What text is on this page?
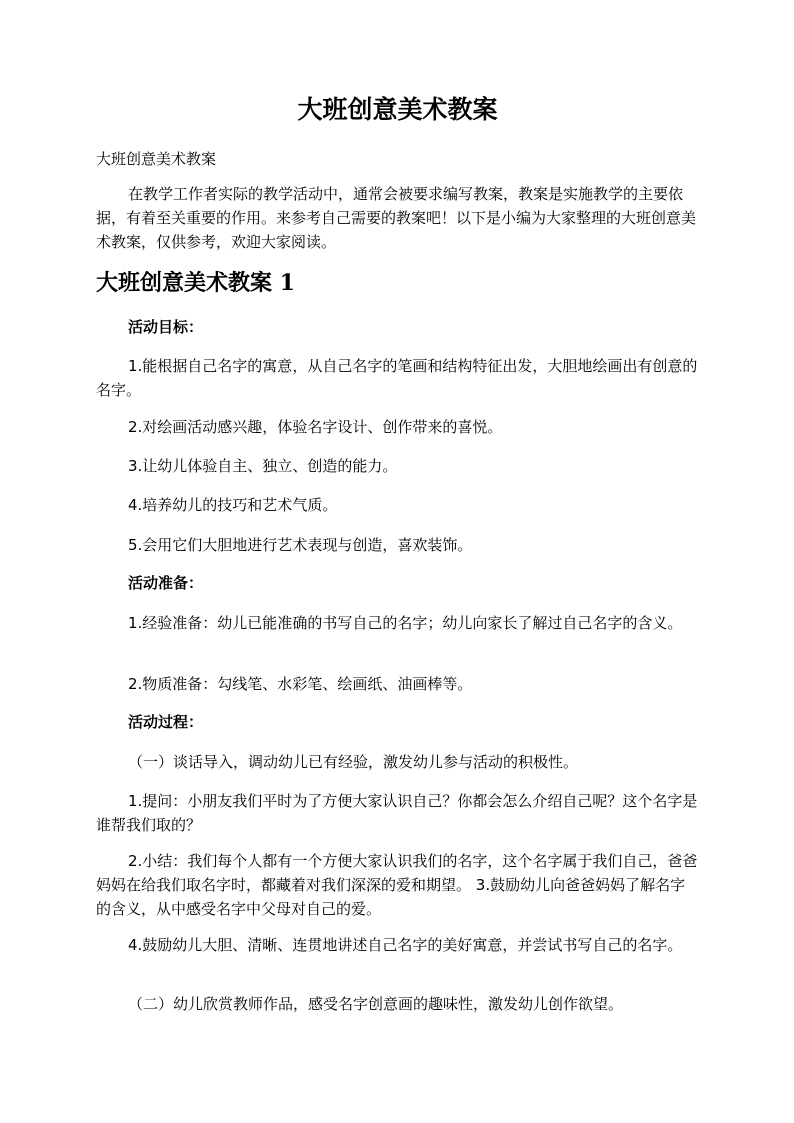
大班创意美术教案

大班创意美术教案

在教学工作者实际的教学活动中，通常会被要求编写教案，教案是实施教学的主要依据，有着至关重要的作用。来参考自己需要的教案吧！以下是小编为大家整理的大班创意美术教案，仅供参考，欢迎大家阅读。

大班创意美术教案 1

活动目标：

1.能根据自己名字的寓意，从自己名字的笔画和结构特征出发，大胆地绘画出有创意的名字。

2.对绘画活动感兴趣，体验名字设计、创作带来的喜悦。

3.让幼儿体验自主、独立、创造的能力。

4.培养幼儿的技巧和艺术气质。

5.会用它们大胆地进行艺术表现与创造，喜欢装饰。

活动准备：

1.经验准备：幼儿已能准确的书写自己的名字；幼儿向家长了解过自己名字的含义。

2.物质准备：勾线笔、水彩笔、绘画纸、油画棒等。

活动过程：

（一）谈话导入，调动幼儿已有经验，激发幼儿参与活动的积极性。

1.提问：小朋友我们平时为了方便大家认识自己？你都会怎么介绍自己呢？这个名字是谁帮我们取的？

2.小结：我们每个人都有一个方便大家认识我们的名字，这个名字属于我们自己，爸爸妈妈在给我们取名字时，都藏着对我们深深的爱和期望。 3.鼓励幼儿向爸爸妈妈了解名字的含义，从中感受名字中父母对自己的爱。

4.鼓励幼儿大胆、清晰、连贯地讲述自己名字的美好寓意，并尝试书写自己的名字。

（二）幼儿欣赏教师作品，感受名字创意画的趣味性，激发幼儿创作欲望。
